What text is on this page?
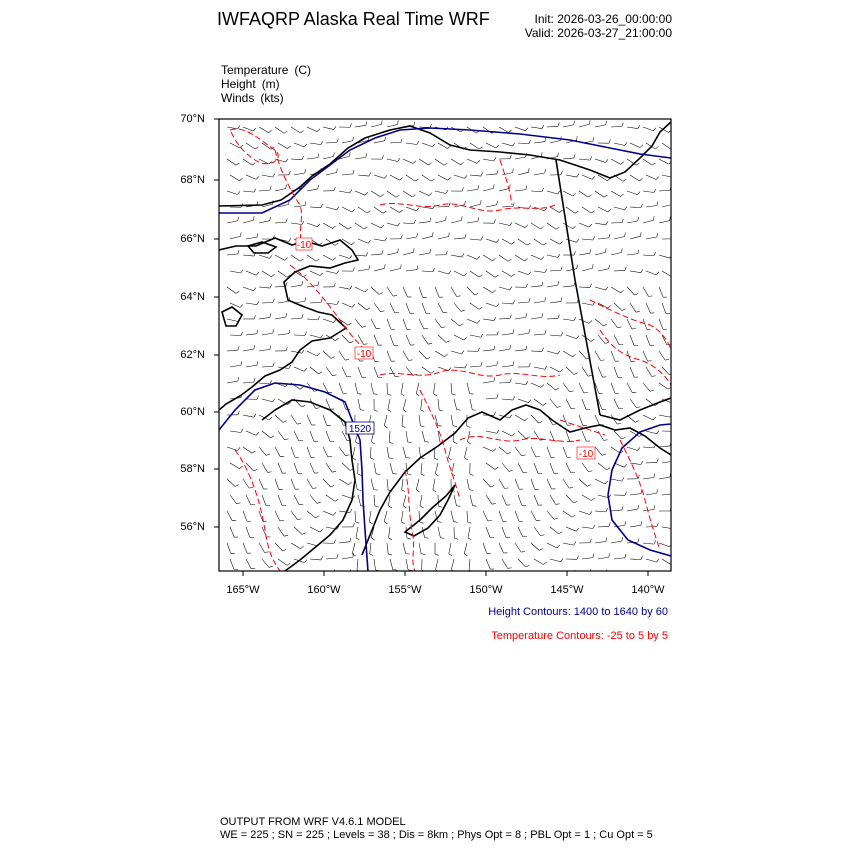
IWFAQRP Alaska Real Time WRF	Init: 2026-03-26_00:00:00
Valid: 2026-03-27_21:00:00
Temperature (C)
Height (m)
Winds (kts)
-10
-10
-10
1520
70°N
68°N
66°N
64°N
62°N
60°N
58°N
56°N
165°W	160°W	155°W	150°W	145°W	140°W
Height Contours: 1400 to 1640 by 60
Temperature Contours: -25 to 5 by 5
OUTPUT FROM WRF V4.6.1 MODEL
WE = 225 ; SN = 225 ; Levels = 38 ; Dis = 8km ; Phys Opt = 8 ; PBL Opt = 1 ; Cu Opt = 5
